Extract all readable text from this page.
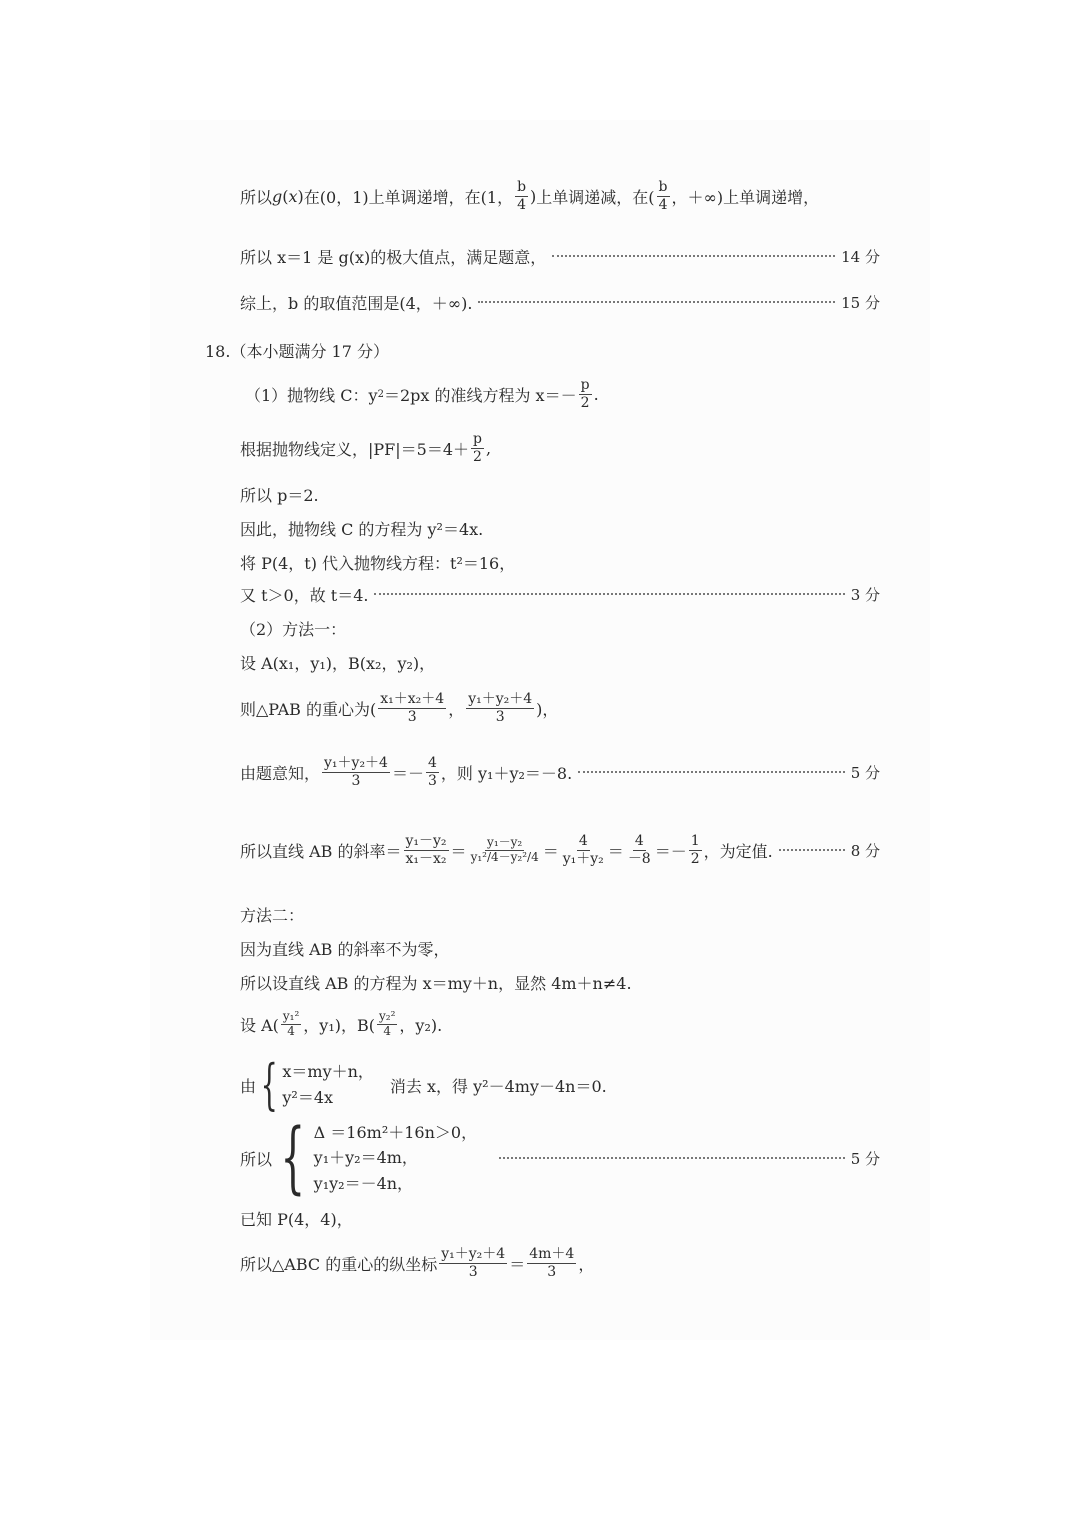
所以 g ( x ) 在(0，1)上单调递增，在(1， $\frac{b}{4}$ ) 上单调递减，在( $\frac{b}{4}$ ，＋∞)上单调递增，
所以 x＝1 是 g(x)的极大值点，满足题意，	14 分
综上，b 的取值范围是(4，＋∞).	15 分
18.（本小题满分 17 分）
（1）抛物线 C：y 2 ＝2px 的准线方程为 $x=- \frac{p}{2}$ .
根据抛物线定义，$|PF|=5=4+ \frac{p}{2}$ ,
所以 p＝2.
因此，抛物线 C 的方程为 y²＝4x.
将 P(4，t) 代入抛物线方程：t²＝16，
又 t＞0，故 t＝4.	3 分
（2）方法一：
设 A(x₁，y₁)，B(x₂，y₂)，
则△PAB 的重心为( $\frac{\text{x₁＋x₂＋4}}{3}$ ， $\frac{\text{y₁＋y₂＋4}}{3}$ )，
由题意知， $\frac{\text{y₁＋y₂＋4}}{3} =- \frac{4}{3}$ ，则 y₁＋y₂＝－8.	5 分
所以直线 AB 的斜率＝ $\frac{\text{y₁－y₂}}{\text{x₁－x₂}} = \frac{\text{y₁－y₂}}{\text{y₁²/4－y₂²/4}} = \frac{4}{\text{y₁＋y₂}} = \frac{4}{-8} =- \frac{1}{2}$ ，为定值.	8 分
方法二：
因为直线 AB 的斜率不为零，
所以设直线 AB 的方程为 x＝my＋n，显然 4m＋n≠4.
设 $A( \frac{\text{y₁²}}{4}$ ，y₁)，$B( \frac{\text{y₂²}}{4}$ ，y₂).
由 { x＝my＋n，
y²＝4x
消去 x，得 y²－4my－4n＝0.
所以 { Δ ＝16m²＋16n＞0，
y₁＋y₂＝4m，
y₁y₂＝－4n，
5 分
已知 P(4，4)，
所以△ABC 的重心的纵坐标 $\frac{\text{y₁＋y₂＋4}}{3} = \frac{4m+4}{3}$ ，
